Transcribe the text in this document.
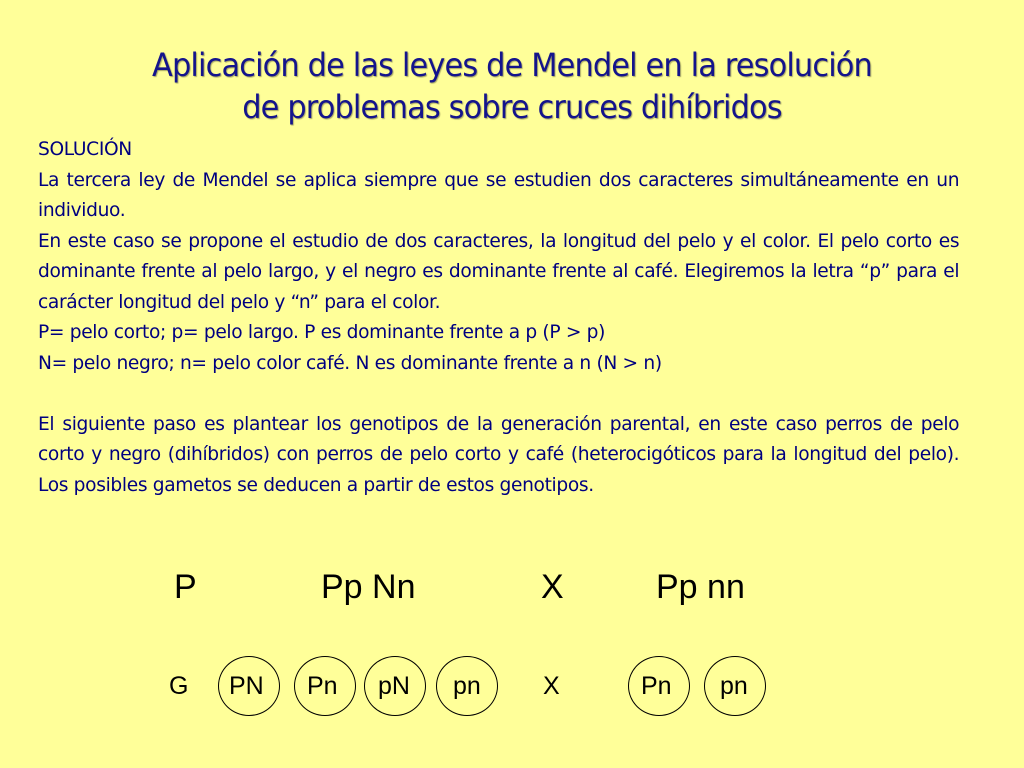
Aplicación de las leyes de Mendel en la resolución
de problemas sobre cruces dihíbridos

SOLUCIÓN

La tercera ley de Mendel se aplica siempre que se estudien dos caracteres simultáneamente en un individuo.

En este caso se propone el estudio de dos caracteres, la longitud del pelo y el color. El pelo corto es dominante frente al pelo largo, y el negro es dominante frente al café. Elegiremos la letra “p” para el carácter longitud del pelo y “n” para el color.

P= pelo corto; p= pelo largo. P es dominante frente a p (P > p)

N= pelo negro; n= pelo color café. N es dominante frente a n (N > n)

El siguiente paso es plantear los genotipos de la generación parental, en este caso perros de pelo corto y negro (dihíbridos) con perros de pelo corto y café (heterocigóticos para la longitud del pelo). Los posibles gametos se deducen a partir de estos genotipos.

P	Pp Nn	X	Pp nn
G PN Pn pN pn X	Pn pn
